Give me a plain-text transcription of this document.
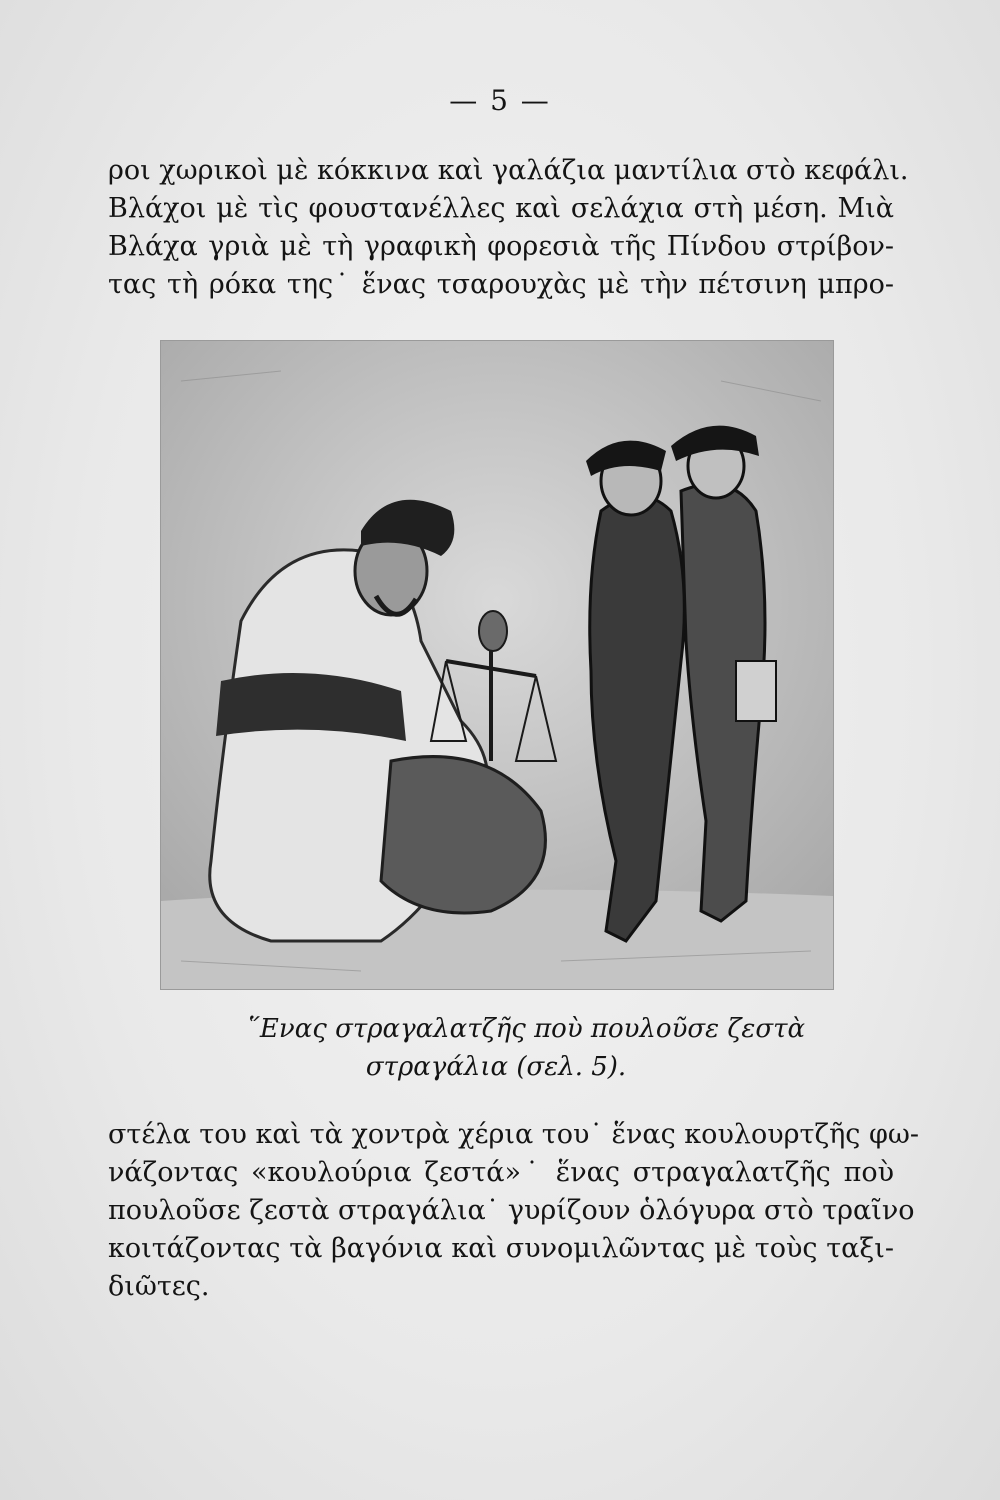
— 5 —

ροι χωρικοὶ μὲ κόκκινα καὶ γαλάζια μαντίλια στὸ κεφάλι.
Βλάχοι μὲ τὶς φουστανέλλες καὶ σελάχια στὴ μέση. Μιὰ
Βλάχα γριὰ μὲ τὴ γραφικὴ φορεσιὰ τῆς Πίνδου στρίβον-
τας τὴ ρόκα της˙ ἕνας τσαρουχὰς μὲ τὴν πέτσινη μπρο-

῞Ενας στραγαλατζῆς ποὺ πουλοῦσε ζεστὰ
στραγάλια (σελ. 5).

στέλα του καὶ τὰ χοντρὰ χέρια του˙ ἕνας κουλουρτζῆς φω-
νάζοντας «κουλούρια ζεστά»˙ ἕνας στραγαλατζῆς ποὺ
πουλοῦσε ζεστὰ στραγάλια˙ γυρίζουν ὁλόγυρα στὸ τραῖνο
κοιτάζοντας τὰ βαγόνια καὶ συνομιλῶντας μὲ τοὺς ταξι-
διῶτες.
